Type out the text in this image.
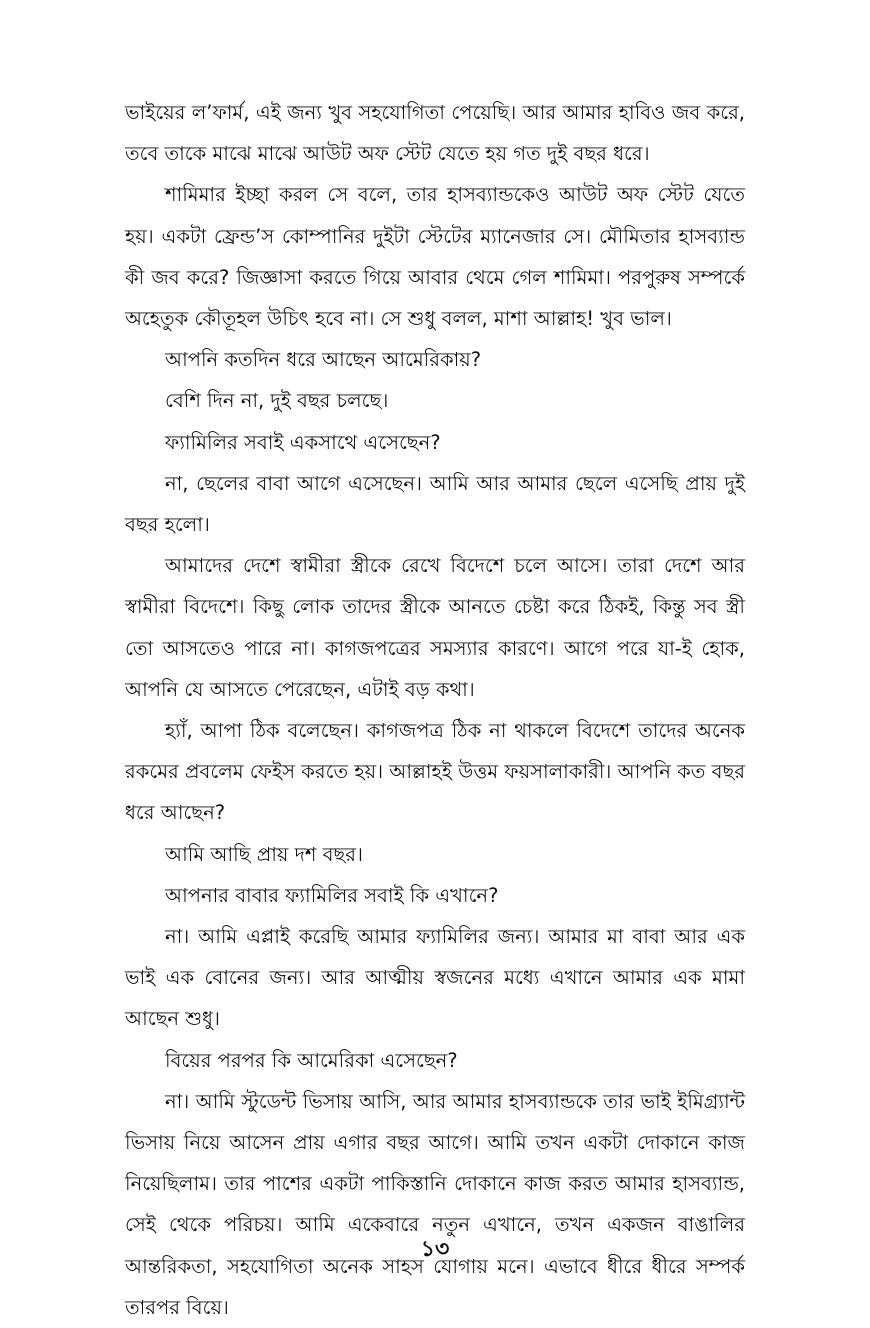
ভাইয়ের ল’ফার্ম, এই জন্য খুব সহযোগিতা পেয়েছি। আর আমার হাবিও জব করে, তবে তাকে মাঝে মাঝে আউট অফ স্টেট যেতে হয় গত দুই বছর ধরে।

শামিমার ইচ্ছা করল সে বলে, তার হাসব্যান্ডকেও আউট অফ স্টেট যেতে হয়। একটা ফ্রেন্ড’স কোম্পানির দুইটা স্টেটের ম্যানেজার সে। মৌমিতার হাসব্যান্ড কী জব করে? জিজ্ঞাসা করতে গিয়ে আবার থেমে গেল শামিমা। পরপুরুষ সম্পর্কে অহেতুক কৌতূহল উচিৎ হবে না। সে শুধু বলল, মাশা আল্লাহ! খুব ভাল।

আপনি কতদিন ধরে আছেন আমেরিকায়?

বেশি দিন না, দুই বছর চলছে।

ফ্যামিলির সবাই একসাথে এসেছেন?

না, ছেলের বাবা আগে এসেছেন। আমি আর আমার ছেলে এসেছি প্রায় দুই বছর হলো।

আমাদের দেশে স্বামীরা স্ত্রীকে রেখে বিদেশে চলে আসে। তারা দেশে আর স্বামীরা বিদেশে। কিছু লোক তাদের স্ত্রীকে আনতে চেষ্টা করে ঠিকই, কিন্তু সব স্ত্রী তো আসতেও পারে না। কাগজপত্রের সমস্যার কারণে। আগে পরে যা-ই হোক, আপনি যে আসতে পেরেছেন, এটাই বড় কথা।

হ্যাঁ, আপা ঠিক বলেছেন। কাগজপত্র ঠিক না থাকলে বিদেশে তাদের অনেক রকমের প্রবলেম ফেইস করতে হয়। আল্লাহই উত্তম ফয়সালাকারী। আপনি কত বছর ধরে আছেন?

আমি আছি প্রায় দশ বছর।

আপনার বাবার ফ্যামিলির সবাই কি এখানে?

না। আমি এপ্লাই করেছি আমার ফ্যামিলির জন্য। আমার মা বাবা আর এক ভাই এক বোনের জন্য। আর আত্মীয় স্বজনের মধ্যে এখানে আমার এক মামা আছেন শুধু।

বিয়ের পরপর কি আমেরিকা এসেছেন?

না। আমি স্টুডেন্ট ভিসায় আসি, আর আমার হাসব্যান্ডকে তার ভাই ইমিগ্র্যান্ট ভিসায় নিয়ে আসেন প্রায় এগার বছর আগে। আমি তখন একটা দোকানে কাজ নিয়েছিলাম। তার পাশের একটা পাকিস্তানি দোকানে কাজ করত আমার হাসব্যান্ড, সেই থেকে পরিচয়। আমি একেবারে নতুন এখানে, তখন একজন বাঙালির আন্তরিকতা, সহযোগিতা অনেক সাহস যোগায় মনে। এভাবে ধীরে ধীরে সম্পর্ক তারপর বিয়ে।

১৩
